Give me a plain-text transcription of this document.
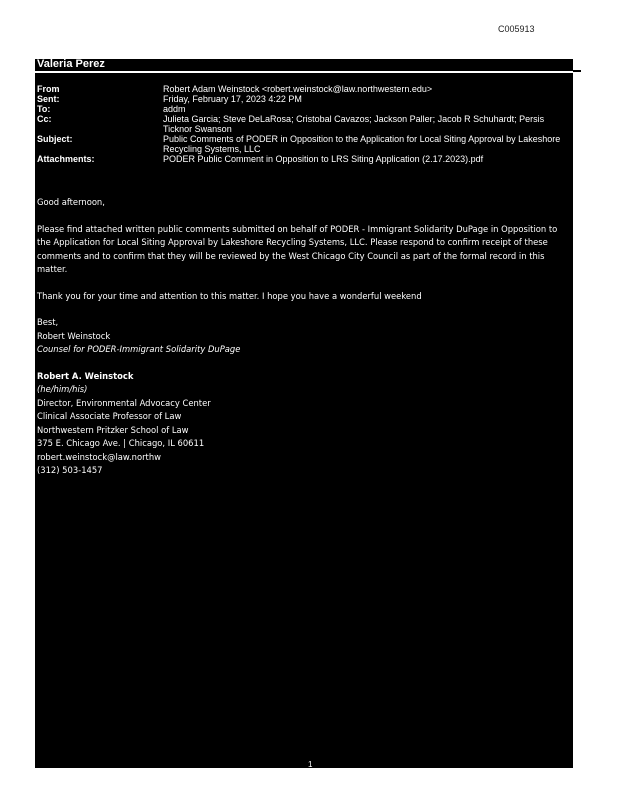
C005913
Valeria Perez
From	Robert Adam Weinstock <robert.weinstock@law.northwestern.edu>
Sent:	Friday, February 17, 2023 4:22 PM
To:	addm
Cc:	Julieta Garcia; Steve DeLaRosa; Cristobal Cavazos; Jackson Paller; Jacob R Schuhardt; Persis Ticknor Swanson
Subject:	Public Comments of PODER in Opposition to the Application for Local Siting Approval by Lakeshore Recycling Systems, LLC
Attachments:	PODER Public Comment in Opposition to LRS Siting Application (2.17.2023).pdf

Good afternoon,

Please find attached written public comments submitted on behalf of PODER - Immigrant Solidarity DuPage in Opposition to the Application for Local Siting Approval by Lakeshore Recycling Systems, LLC. Please respond to confirm receipt of these comments and to confirm that they will be reviewed by the West Chicago City Council as part of the formal record in this matter.

Thank you for your time and attention to this matter. I hope you have a wonderful weekend

Best,
Robert Weinstock
Counsel for PODER-Immigrant Solidarity DuPage

Robert A. Weinstock
(he/him/his)
Director, Environmental Advocacy Center
Clinical Associate Professor of Law
Northwestern Pritzker School of Law
375 E. Chicago Ave. | Chicago, IL 60611
robert.weinstock@law.northw
(312) 503-1457

1
